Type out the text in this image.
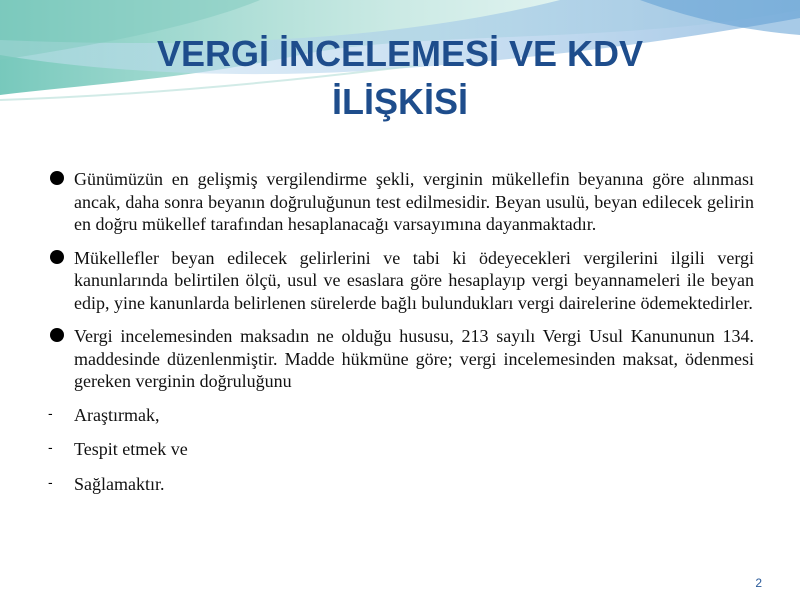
VERGİ İNCELEMESİ VE KDV
İLİŞKİSİ
Günümüzün en gelişmiş vergilendirme şekli, verginin mükellefin beyanına göre alınması ancak, daha sonra beyanın doğruluğunun test edilmesidir. Beyan usulü, beyan edilecek gelirin en doğru mükellef tarafından hesaplanacağı varsayımına dayanmaktadır.
Mükellefler beyan edilecek gelirlerini ve tabi ki ödeyecekleri vergilerini ilgili vergi kanunlarında belirtilen ölçü, usul ve esaslara göre hesaplayıp vergi beyannameleri ile beyan edip, yine kanunlarda belirlenen sürelerde bağlı bulundukları vergi dairelerine ödemektedirler.
Vergi incelemesinden maksadın ne olduğu hususu, 213 sayılı Vergi Usul Kanununun 134. maddesinde düzenlenmiştir. Madde hükmüne göre; vergi incelemesinden maksat, ödenmesi gereken verginin doğruluğunu
- Araştırmak,
- Tespit etmek ve
- Sağlamaktır.
2
